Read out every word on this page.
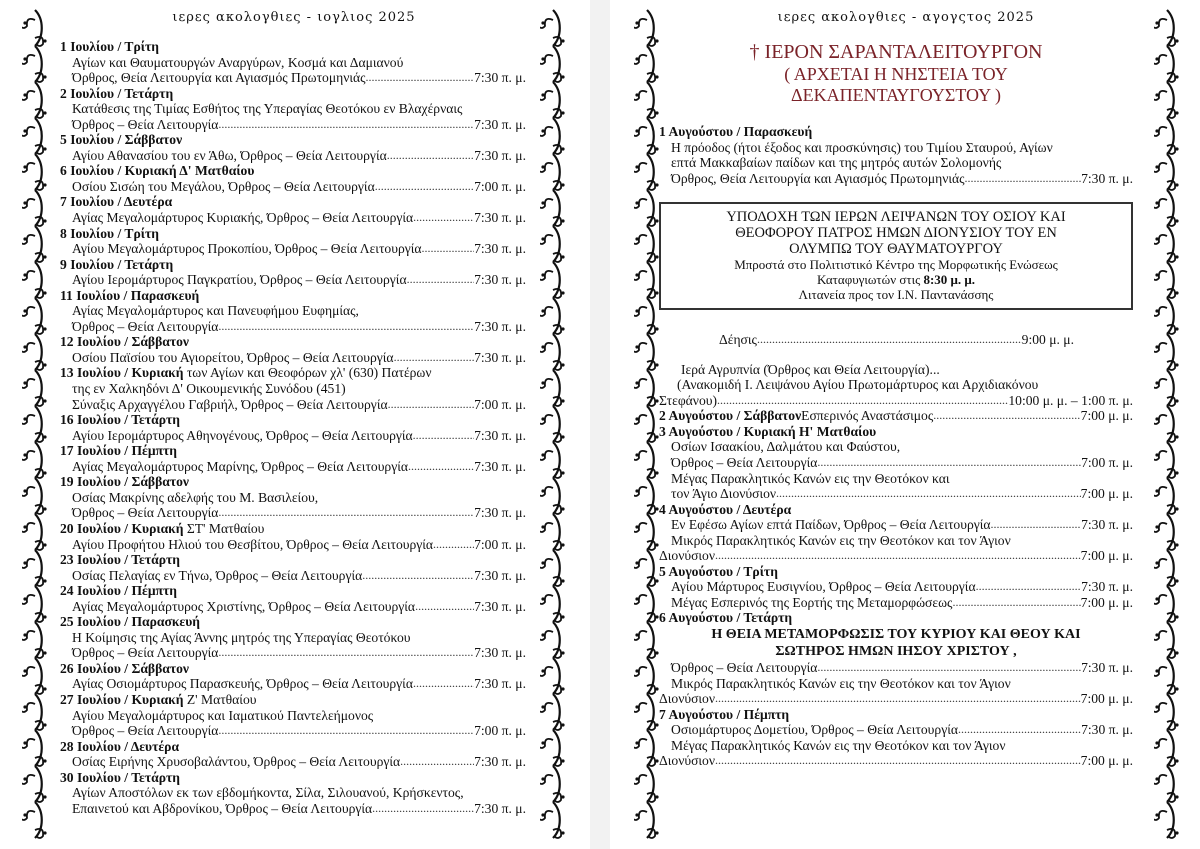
ιερες ακολογθιες - ιογλιος 2025

1 Ιουλίου / Τρίτη

Αγίων και Θαυματουργών Αναργύρων, Κοσμά και Δαμιανού

Όρθρος, Θεία Λειτουργία και Αγιασμός Πρωτομηνιάς .....	7:30 π. μ.

2 Ιουλίου / Τετάρτη

Κατάθεσις της Τιμίας Εσθήτος της Υπεραγίας Θεοτόκου εν Βλαχέρναις

Όρθρος – Θεία Λειτουργία .....	7:30 π. μ.

5 Ιουλίου / Σάββατον

Αγίου Αθανασίου του εν Άθω, Όρθρος – Θεία Λειτουργία .....	7:30 π. μ.

6 Ιουλίου / Κυριακή Δ' Ματθαίου

Οσίου Σισώη του Μεγάλου, Όρθρος – Θεία Λειτουργία .....	7:00 π. μ.

7 Ιουλίου / Δευτέρα

Αγίας Μεγαλομάρτυρος Κυριακής, Όρθρος – Θεία Λειτουργία .....	7:30 π. μ.

8 Ιουλίου / Τρίτη

Αγίου Μεγαλομάρτυρος Προκοπίου, Όρθρος – Θεία Λειτουργία .....	7:30 π. μ.

9 Ιουλίου / Τετάρτη

Αγίου Ιερομάρτυρος Παγκρατίου, Όρθρος – Θεία Λειτουργία .....	7:30 π. μ.

11 Ιουλίου / Παρασκευή

Αγίας Μεγαλομάρτυρος και Πανευφήμου Ευφημίας,

Όρθρος – Θεία Λειτουργία .....	7:30 π. μ.

12 Ιουλίου / Σάββατον

Οσίου Παϊσίου του Αγιορείτου, Όρθρος – Θεία Λειτουργία .....	7:30 π. μ.

13 Ιουλίου / Κυριακή των Αγίων και Θεοφόρων χλ' (630) Πατέρων

της εν Χαλκηδόνι Δ' Οικουμενικής Συνόδου (451)

Σύναξις Αρχαγγέλου Γαβριήλ, Όρθρος – Θεία Λειτουργία .....	7:00 π. μ.

16 Ιουλίου / Τετάρτη

Αγίου Ιερομάρτυρος Αθηνογένους, Όρθρος – Θεία Λειτουργία .....	7:30 π. μ.

17 Ιουλίου / Πέμπτη

Αγίας Μεγαλομάρτυρος Μαρίνης, Όρθρος – Θεία Λειτουργία .....	7:30 π. μ.

19 Ιουλίου / Σάββατον

Οσίας Μακρίνης αδελφής του Μ. Βασιλείου,

Όρθρος – Θεία Λειτουργία .....	7:30 π. μ.

20 Ιουλίου / Κυριακή ΣΤ' Ματθαίου

Αγίου Προφήτου Ηλιού του Θεσβίτου, Όρθρος – Θεία Λειτουργία .....	7:00 π. μ.

23 Ιουλίου / Τετάρτη

Οσίας Πελαγίας εν Τήνω, Όρθρος – Θεία Λειτουργία .....	7:30 π. μ.

24 Ιουλίου / Πέμπτη

Αγίας Μεγαλομάρτυρος Χριστίνης, Όρθρος – Θεία Λειτουργία .....	7:30 π. μ.

25 Ιουλίου / Παρασκευή

Η Κοίμησις της Αγίας Άννης μητρός της Υπεραγίας Θεοτόκου

Όρθρος – Θεία Λειτουργία .....	7:30 π. μ.

26 Ιουλίου / Σάββατον

Αγίας Οσιομάρτυρος Παρασκευής, Όρθρος – Θεία Λειτουργία .....	7:30 π. μ.

27 Ιουλίου / Κυριακή Ζ' Ματθαίου

Αγίου Μεγαλομάρτυρος και Ιαματικού Παντελεήμονος

Όρθρος – Θεία Λειτουργία .....	7:00 π. μ.

28 Ιουλίου / Δευτέρα

Οσίας Ειρήνης Χρυσοβαλάντου, Όρθρος – Θεία Λειτουργία .....	7:30 π. μ.

30 Ιουλίου / Τετάρτη

Αγίων Αποστόλων εκ των εβδομήκοντα, Σίλα, Σιλουανού, Κρήσκεντος,

Επαινετού και Αβδρονίκου, Όρθρος – Θεία Λειτουργία .....	7:30 π. μ.
ιερες ακολογθιες - αγογςτος 2025

† ΙΕΡΟΝ ΣΑΡΑΝΤΑΛΕΙΤΟΥΡΓΟΝ

( ΑΡΧΕΤΑΙ Η ΝΗΣΤΕΙΑ ΤΟΥ

ΔΕΚΑΠΕΝΤΑΥΓΟΥΣΤΟΥ )

1 Αυγούστου / Παρασκευή

Η πρόοδος (ήτοι έξοδος και προσκύνησις) του Τιμίου Σταυρού, Αγίων

επτά Μακκαβαίων παίδων και της μητρός αυτών Σολομονής

Όρθρος, Θεία Λειτουργία και Αγιασμός Πρωτομηνιάς .....	7:30 π. μ.
ΥΠΟΔΟΧΗ ΤΩΝ ΙΕΡΩΝ ΛΕΙΨΑΝΩΝ ΤΟΥ ΟΣΙΟΥ ΚΑΙ
ΘΕΟΦΟΡΟΥ ΠΑΤΡΟΣ ΗΜΩΝ ΔΙΟΝΥΣΙΟΥ ΤΟΥ ΕΝ
ΟΛΥΜΠΩ ΤΟΥ ΘΑΥΜΑΤΟΥΡΓΟΥ
Μπροστά στο Πολιτιστικό Κέντρο της Μορφωτικής Ενώσεως
Καταφυγιωτών στις 8:30 μ. μ.
Λιτανεία προς τον Ι.Ν. Παντανάσσης
Δέησις .....	9:00 μ. μ.

Ιερά Αγρυπνία (Όρθρος και Θεία Λειτουργία)...

(Ανακομιδή Ι. Λειψάνου Αγίου Πρωτομάρτυρος και Αρχιδιακόνου

Στεφάνου) .....	10:00 μ. μ. – 1:00 π. μ.
2 Αυγούστου / Σάββατον Εσπερινός Αναστάσιμος .....	7:00 μ. μ.

3 Αυγούστου / Κυριακή Η' Ματθαίου

Οσίων Ισαακίου, Δαλμάτου και Φαύστου,

Όρθρος – Θεία Λειτουργία .....	7:00 π. μ.

Μέγας Παρακλητικός Κανών εις την Θεοτόκον και

τον Άγιο Διονύσιον .....	7:00 μ. μ.

4 Αυγούστου / Δευτέρα

Εν Εφέσω Αγίων επτά Παίδων, Όρθρος – Θεία Λειτουργία .....	7:30 π. μ.

Μικρός Παρακλητικός Κανών εις την Θεοτόκον και τον Άγιον

Διονύσιον .....	7:00 μ. μ.

5 Αυγούστου / Τρίτη

Αγίου Μάρτυρος Ευσιγνίου, Όρθρος – Θεία Λειτουργία .....	7:30 π. μ.
Μέγας Εσπερινός της Εορτής της Μεταμορφώσεως .....	7:00 μ. μ.

6 Αυγούστου / Τετάρτη

Η ΘΕΙΑ ΜΕΤΑΜΟΡΦΩΣΙΣ ΤΟΥ ΚΥΡΙΟΥ ΚΑΙ ΘΕΟΥ ΚΑΙ

ΣΩΤΗΡΟΣ ΗΜΩΝ ΙΗΣΟΥ ΧΡΙΣΤΟΥ ,

Όρθρος – Θεία Λειτουργία .....	7:30 π. μ.

Μικρός Παρακλητικός Κανών εις την Θεοτόκον και τον Άγιον

Διονύσιον .....	7:00 μ. μ.

7 Αυγούστου / Πέμπτη

Οσιομάρτυρος Δομετίου, Όρθρος – Θεία Λειτουργία .....	7:30 π. μ.

Μέγας Παρακλητικός Κανών εις την Θεοτόκον και τον Άγιον

Διονύσιον .....	7:00 μ. μ.
